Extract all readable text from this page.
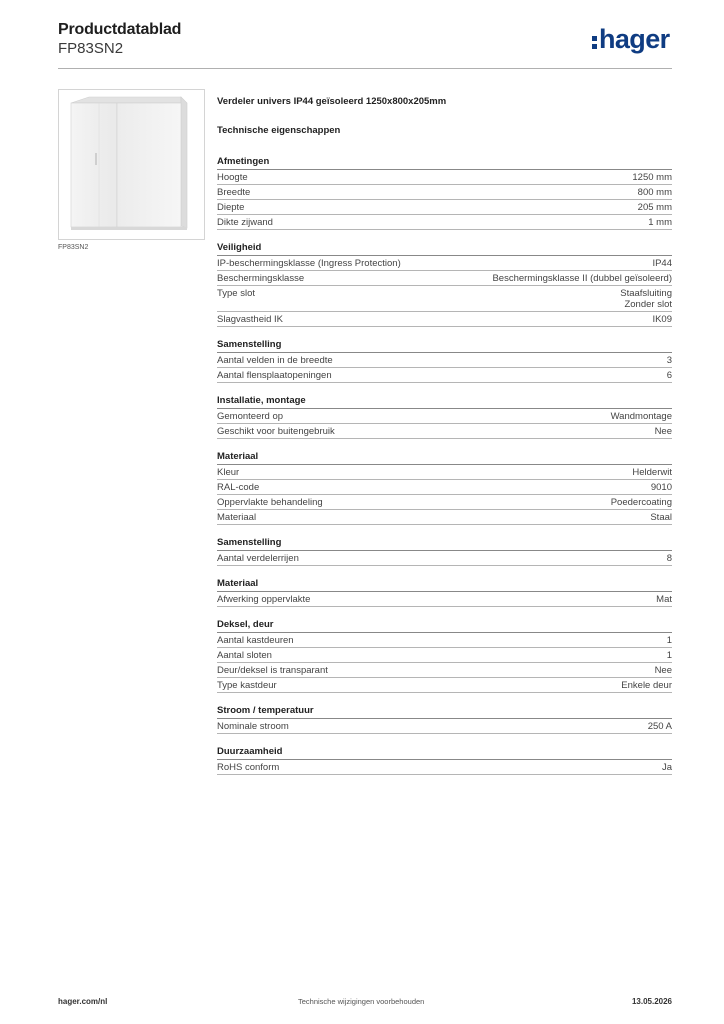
Productdatablad
FP83SN2	hager
FP83SN2
Verdeler univers IP44 geïsoleerd 1250x800x205mm
Technische eigenschappen
Afmetingen
Hoogte	1250 mm
Breedte	800 mm
Diepte	205 mm
Dikte zijwand	1 mm
Veiligheid
IP-beschermingsklasse (Ingress Protection)	IP44
Beschermingsklasse	Beschermingsklasse II (dubbel geïsoleerd)
Type slot	Staafsluiting
Zonder slot
Slagvastheid IK	IK09
Samenstelling
Aantal velden in de breedte	3
Aantal flensplaatopeningen	6
Installatie, montage
Gemonteerd op	Wandmontage
Geschikt voor buitengebruik	Nee
Materiaal
Kleur	Helderwit
RAL-code	9010
Oppervlakte behandeling	Poedercoating
Materiaal	Staal
Samenstelling
Aantal verdelerrijen	8
Materiaal
Afwerking oppervlakte	Mat
Deksel, deur
Aantal kastdeuren	1
Aantal sloten	1
Deur/deksel is transparant	Nee
Type kastdeur	Enkele deur
Stroom / temperatuur
Nominale stroom	250 A
Duurzaamheid
RoHS conform	Ja
hager.com/nl	Technische wijzigingen voorbehouden	13.05.2026
